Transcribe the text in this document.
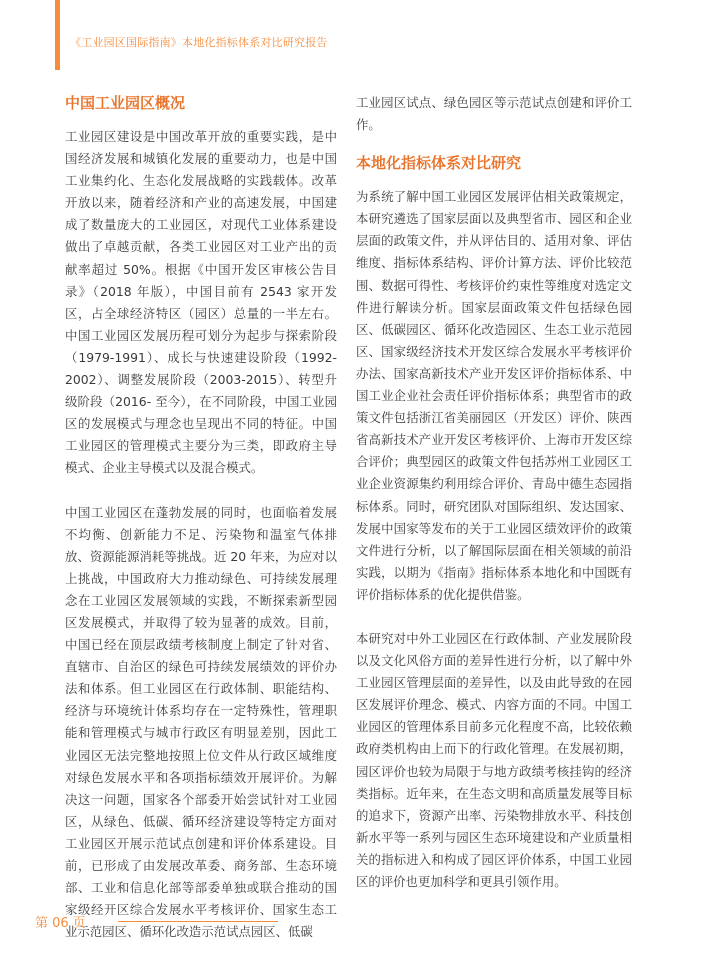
《工业园区国际指南》本地化指标体系对比研究报告
中国工业园区概况

工业园区建设是中国改革开放的重要实践，是中国经济发展和城镇化发展的重要动力，也是中国工业集约化、生态化发展战略的实践载体。改革开放以来，随着经济和产业的高速发展，中国建成了数量庞大的工业园区，对现代工业体系建设做出了卓越贡献，各类工业园区对工业产出的贡献率超过 50%。根据《中国开发区审核公告目录》（2018 年版），中国目前有 2543 家开发区，占全球经济特区（园区）总量的一半左右。中国工业园区发展历程可划分为起步与探索阶段（1979-1991）、成长与快速建设阶段（1992-2002）、调整发展阶段（2003-2015）、转型升级阶段（2016- 至今），在不同阶段，中国工业园区的发展模式与理念也呈现出不同的特征。中国工业园区的管理模式主要分为三类，即政府主导模式、企业主导模式以及混合模式。

中国工业园区在蓬勃发展的同时，也面临着发展不均衡、创新能力不足、污染物和温室气体排放、资源能源消耗等挑战。近 20 年来，为应对以上挑战，中国政府大力推动绿色、可持续发展理念在工业园区发展领域的实践，不断探索新型园区发展模式，并取得了较为显著的成效。目前，中国已经在顶层政绩考核制度上制定了针对省、直辖市、自治区的绿色可持续发展绩效的评价办法和体系。但工业园区在行政体制、职能结构、经济与环境统计体系均存在一定特殊性，管理职能和管理模式与城市行政区有明显差别，因此工业园区无法完整地按照上位文件从行政区域维度对绿色发展水平和各项指标绩效开展评价。为解决这一问题，国家各个部委开始尝试针对工业园区，从绿色、低碳、循环经济建设等特定方面对工业园区开展示范试点创建和评价体系建设。目前，已形成了由发展改革委、商务部、生态环境部、工业和信息化部等部委单独或联合推动的国家级经开区综合发展水平考核评价、国家生态工业示范园区、循环化改造示范试点园区、低碳

工业园区试点、绿色园区等示范试点创建和评价工作。

本地化指标体系对比研究

为系统了解中国工业园区发展评估相关政策规定，本研究遴选了国家层面以及典型省市、园区和企业层面的政策文件，并从评估目的、适用对象、评估维度、指标体系结构、评价计算方法、评价比较范围、数据可得性、考核评价约束性等维度对选定文件进行解读分析。国家层面政策文件包括绿色园区、低碳园区、循环化改造园区、生态工业示范园区、国家级经济技术开发区综合发展水平考核评价办法、国家高新技术产业开发区评价指标体系、中国工业企业社会责任评价指标体系；典型省市的政策文件包括浙江省美丽园区（开发区）评价、陕西省高新技术产业开发区考核评价、上海市开发区综合评价；典型园区的政策文件包括苏州工业园区工业企业资源集约利用综合评价、青岛中德生态园指标体系。同时，研究团队对国际组织、发达国家、发展中国家等发布的关于工业园区绩效评价的政策文件进行分析，以了解国际层面在相关领域的前沿实践，以期为《指南》指标体系本地化和中国既有评价指标体系的优化提供借鉴。

本研究对中外工业园区在行政体制、产业发展阶段以及文化风俗方面的差异性进行分析，以了解中外工业园区管理层面的差异性，以及由此导致的在园区发展评价理念、模式、内容方面的不同。中国工业园区的管理体系目前多元化程度不高，比较依赖政府类机构由上而下的行政化管理。在发展初期，园区评价也较为局限于与地方政绩考核挂钩的经济类指标。近年来，在生态文明和高质量发展等目标的追求下，资源产出率、污染物排放水平、科技创新水平等一系列与园区生态环境建设和产业质量相关的指标进入和构成了园区评价体系，中国工业园区的评价也更加科学和更具引领作用。

第 06 页
